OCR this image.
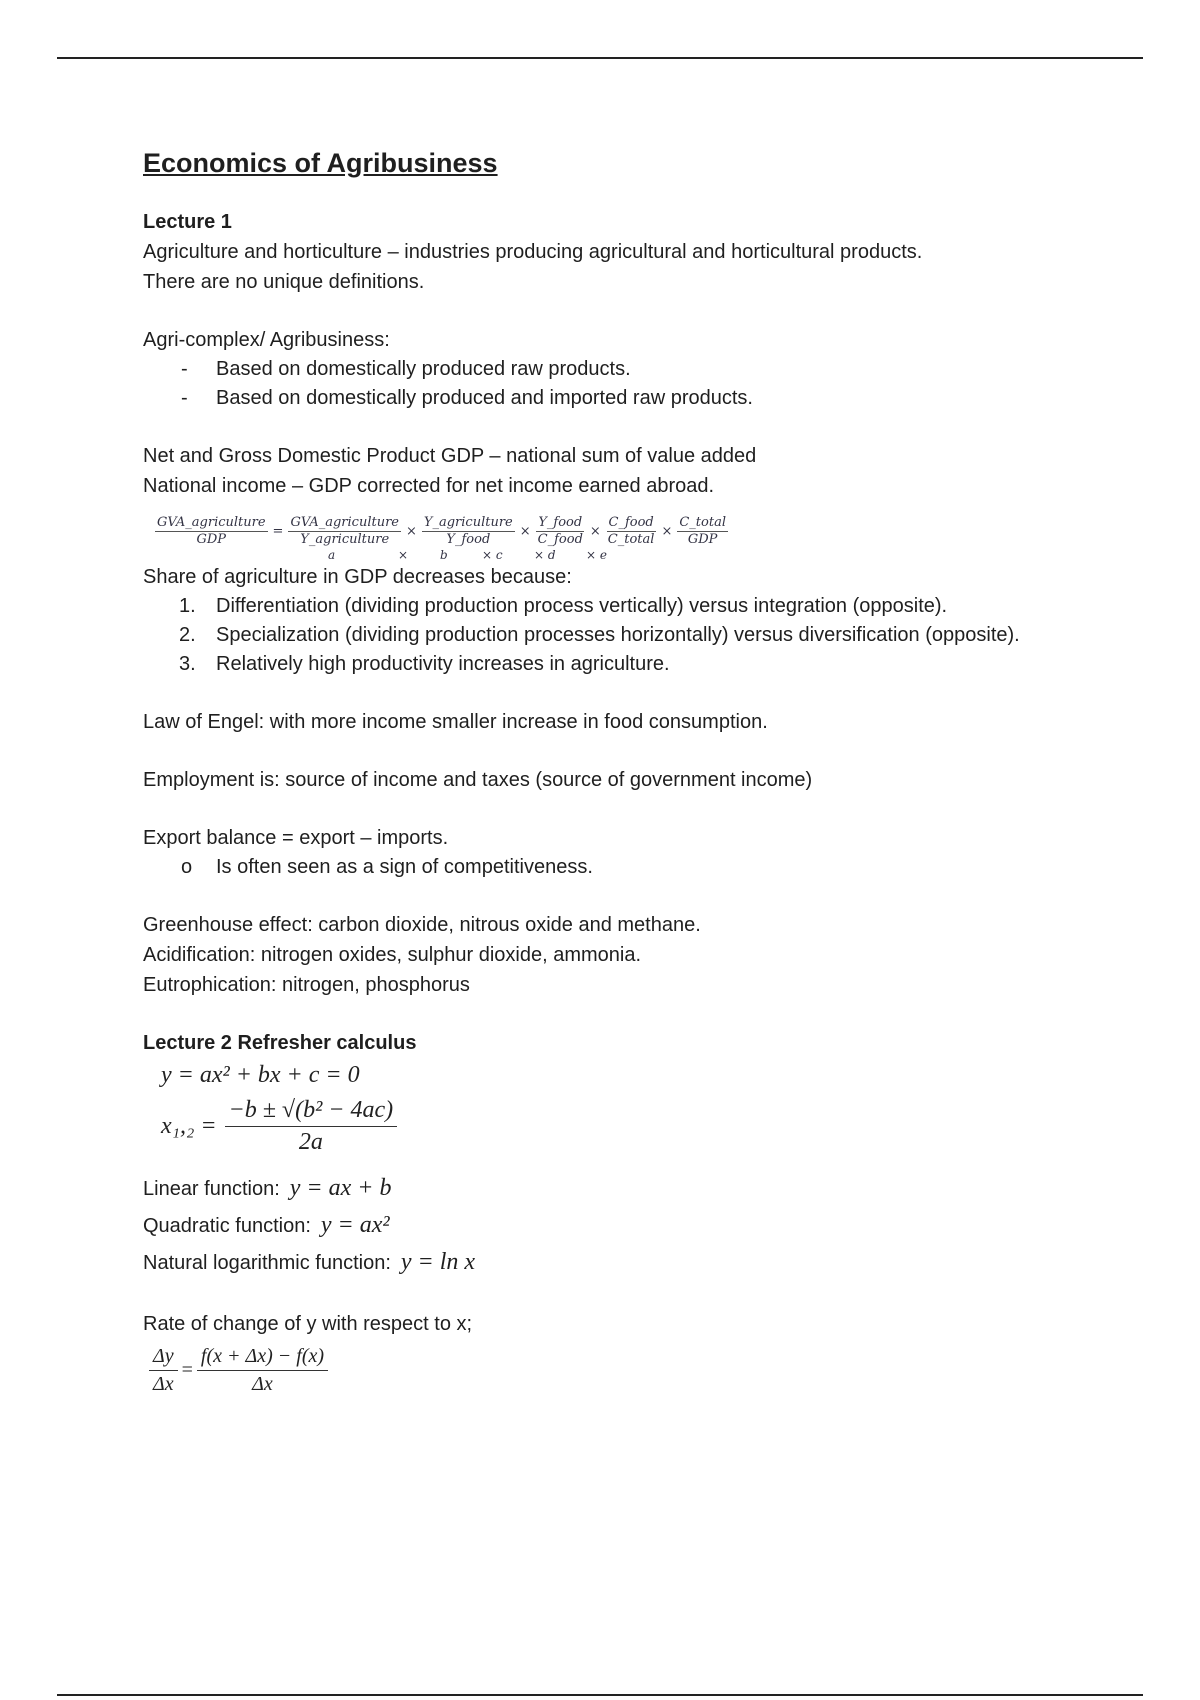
Economics of Agribusiness

Lecture 1

Agriculture and horticulture – industries producing agricultural and horticultural products.

There are no unique definitions.

Agri-complex/ Agribusiness:

- Based on domestically produced raw products.
- Based on domestically produced and imported raw products.

Net and Gross Domestic Product GDP – national sum of value added

National income – GDP corrected for net income earned abroad.

$\frac{\text{GVA\_agriculture}}{\text{GDP}} = \frac{\text{GVA\_agriculture}}{\text{Y\_agriculture}} \times \frac{\text{Y\_agriculture}}{\text{Y\_food}} \times \frac{\text{Y\_food}}{\text{C\_food}} \times \frac{\text{C\_food}}{\text{C\_total}} \times \frac{\text{C\_total}}{\text{GDP}}$
a	×	b	× c	× d	× e

Share of agriculture in GDP decreases because:

1. Differentiation (dividing production process vertically) versus integration (opposite).
2. Specialization (dividing production processes horizontally) versus diversification (opposite).
3. Relatively high productivity increases in agriculture.

Law of Engel: with more income smaller increase in food consumption.

Employment is: source of income and taxes (source of government income)

Export balance = export – imports.

o Is often seen as a sign of competitiveness.

Greenhouse effect: carbon dioxide, nitrous oxide and methane.

Acidification: nitrogen oxides, sulphur dioxide, ammonia.

Eutrophication: nitrogen, phosphorus

Lecture 2 Refresher calculus

y = ax² + bx + c = 0
$x_1,_2 = \frac{\text{−b ± √(b² − 4ac)}}{2a}$
Linear function: y = ax + b
Quadratic function: y = ax²
Natural logarithmic function: y = ln x

Rate of change of y with respect to x;

$\frac{\Delta y}{\Delta x} = \frac{f(x + \Delta x) - f(x)}{\Delta x}$
